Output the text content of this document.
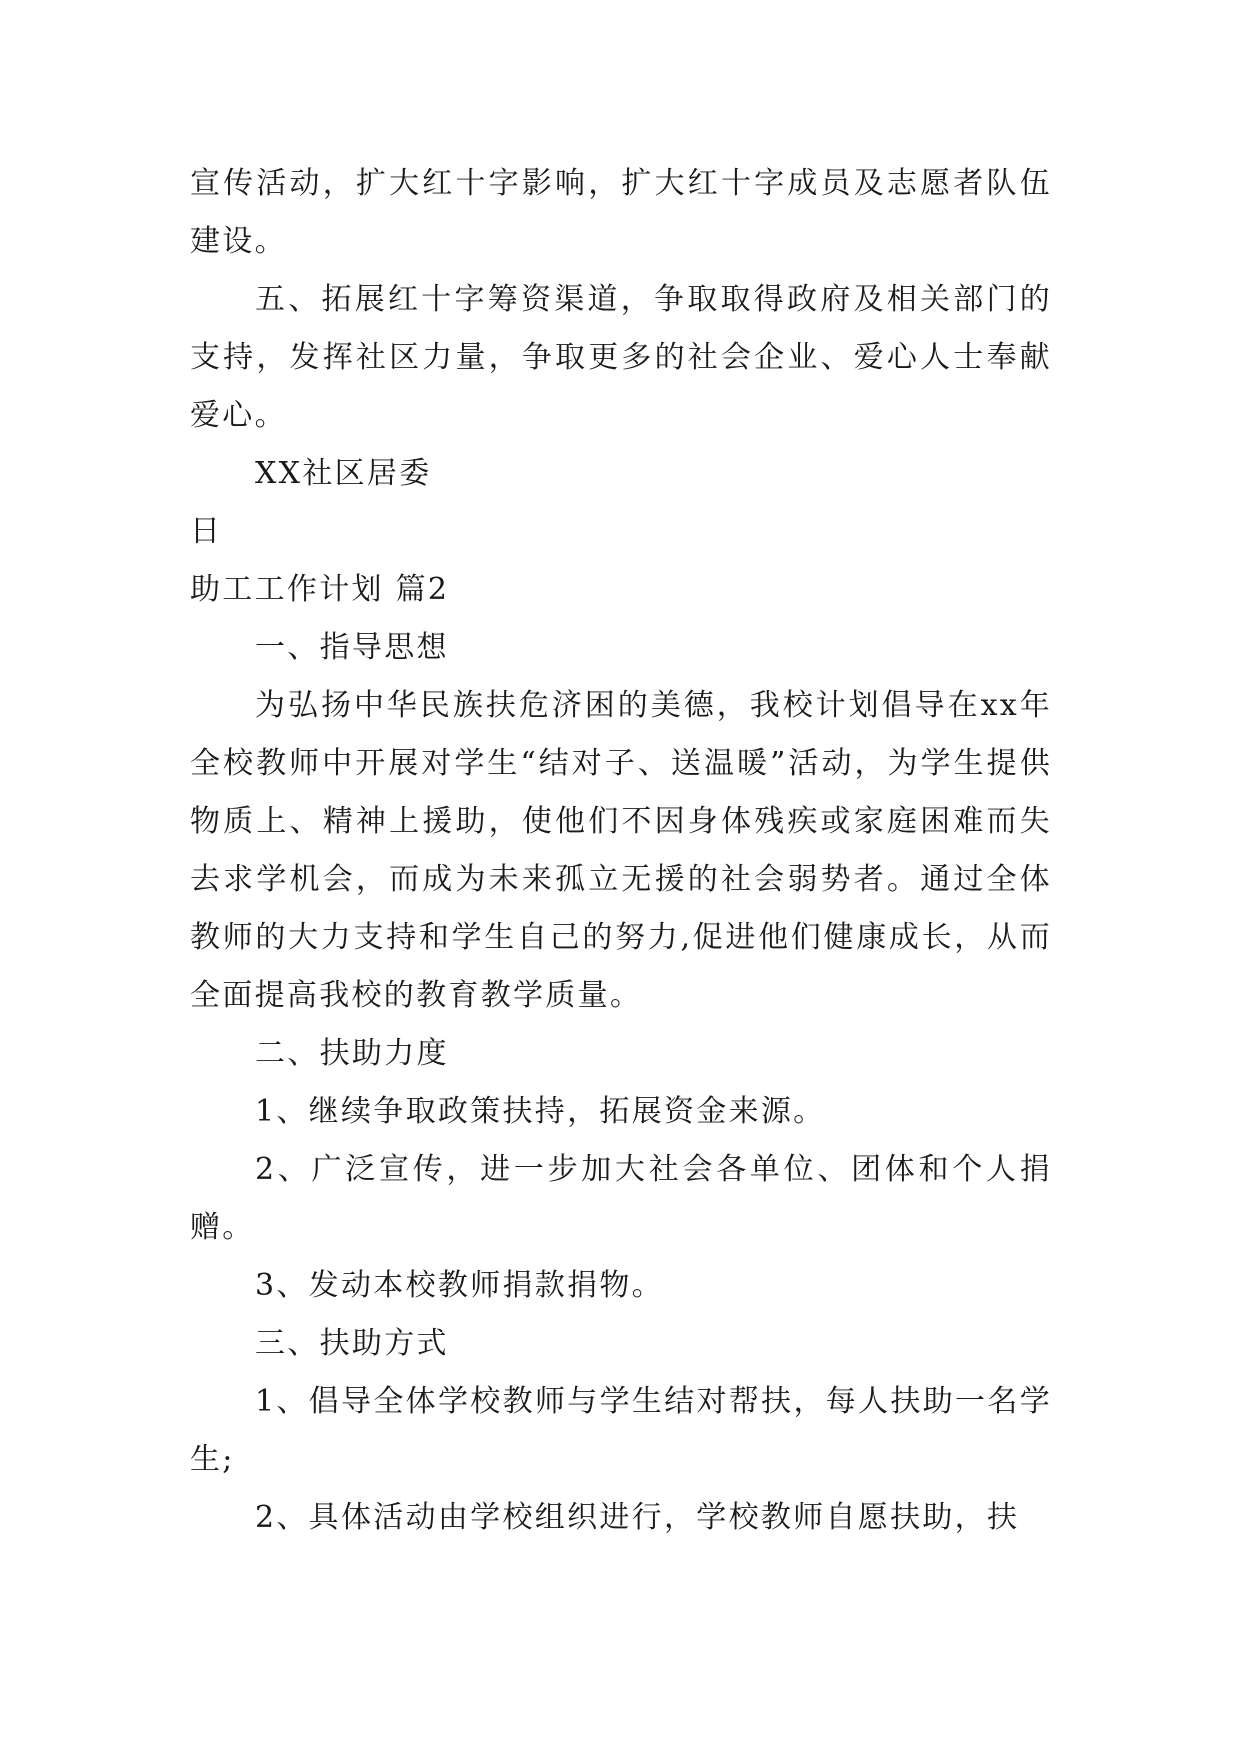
宣传活动，扩大红十字影响，扩大红十字成员及志愿者队伍建设。

五、拓展红十字筹资渠道，争取取得政府及相关部门的支持，发挥社区力量，争取更多的社会企业、爱心人士奉献爱心。

XX社区居委

日

助工工作计划 篇2

一、指导思想

为弘扬中华民族扶危济困的美德，我校计划倡导在xx年全校教师中开展对学生“结对子、送温暖”活动，为学生提供物质上、精神上援助，使他们不因身体残疾或家庭困难而失去求学机会，而成为未来孤立无援的社会弱势者。通过全体教师的大力支持和学生自己的努力,促进他们健康成长，从而全面提高我校的教育教学质量。

二、扶助力度

1、继续争取政策扶持，拓展资金来源。

2、广泛宣传，进一步加大社会各单位、团体和个人捐赠。

3、发动本校教师捐款捐物。

三、扶助方式

1、倡导全体学校教师与学生结对帮扶，每人扶助一名学生;

2、具体活动由学校组织进行，学校教师自愿扶助，扶
